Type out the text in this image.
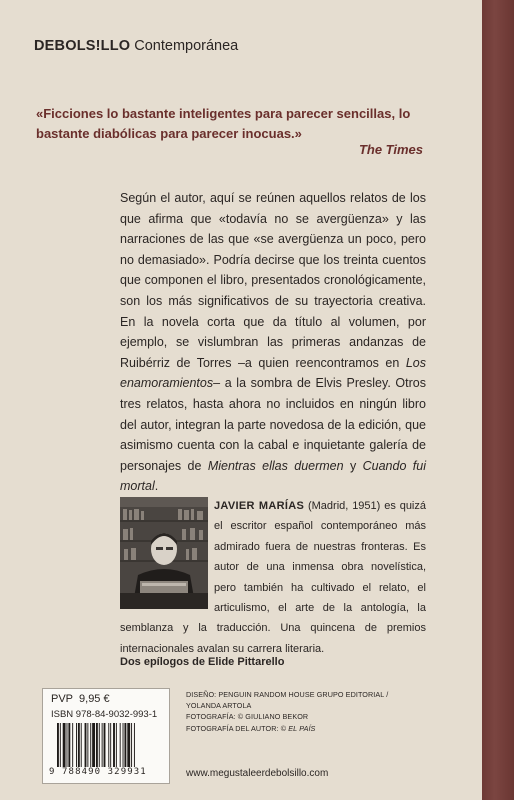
DEBOLS!LLO Contemporánea
«Ficciones lo bastante inteligentes para parecer sencillas, lo bastante diabólicas para parecer inocuas.»
The Times
Según el autor, aquí se reúnen aquellos relatos de los que afirma que «todavía no se avergüenza» y las narraciones de las que «se avergüenza un poco, pero no demasiado». Podría decirse que los treinta cuentos que componen el libro, presentados cronológicamente, son los más significativos de su trayectoria creativa. En la novela corta que da título al volumen, por ejemplo, se vislumbran las primeras andanzas de Ruibérriz de Torres –a quien reencontramos en Los enamoramientos– a la sombra de Elvis Presley. Otros tres relatos, hasta ahora no incluidos en ningún libro del autor, integran la parte novedosa de la edición, que asimismo cuenta con la cabal e inquietante galería de personajes de Mientras ellas duermen y Cuando fui mortal.
JAVIER MARÍAS (Madrid, 1951) es quizá el escritor español contemporáneo más admirado fuera de nuestras fronteras. Es autor de una inmensa obra novelística, pero también ha cultivado el relato, el articulismo, el arte de la antología, la semblanza y la traducción. Una quincena de premios internacionales avalan su carrera literaria.
Dos epílogos de Elide Pittarello
PVP 9,95 €
ISBN 978-84-9032-993-1
9 788490 329931
DISEÑO: PENGUIN RANDOM HOUSE GRUPO EDITORIAL /
YOLANDA ARTOLA
FOTOGRAFÍA: © GIULIANO BEKOR
FOTOGRAFÍA DEL AUTOR: © EL PAÍS
www.megustaleerdebolsillo.com
